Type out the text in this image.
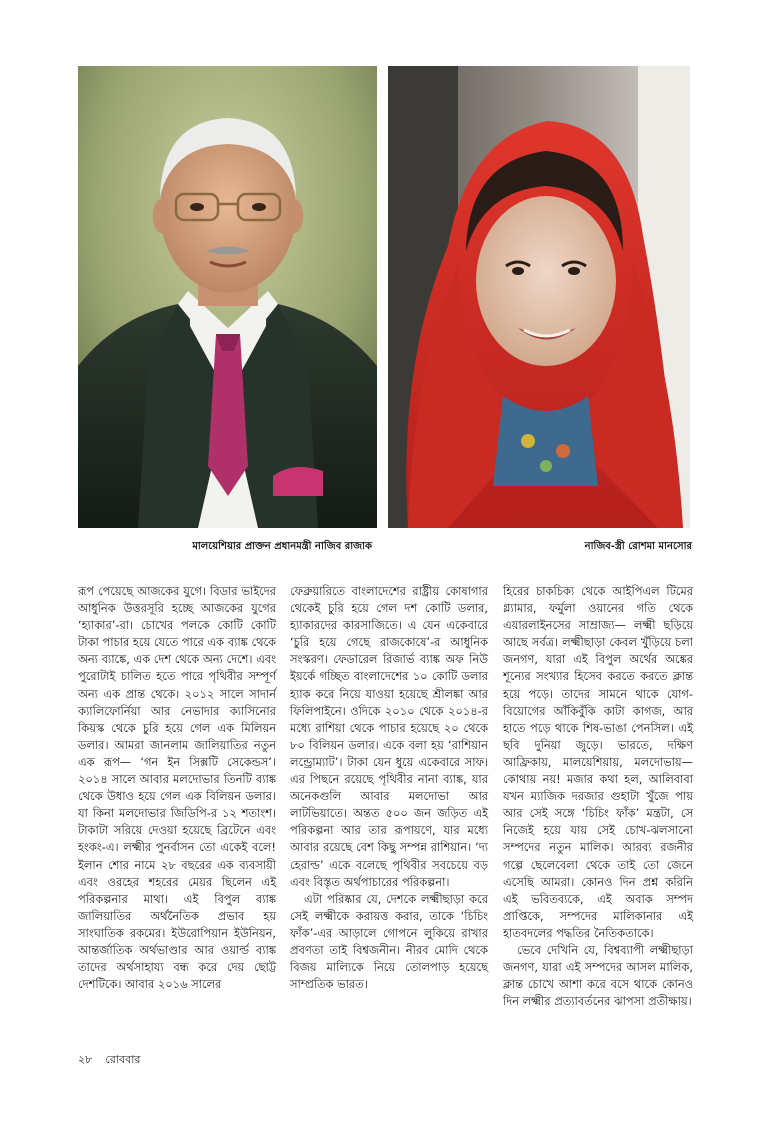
মালয়েশিয়ার প্রাক্তন প্রধানমন্ত্রী নাজিব রাজাক	নাজিব-স্ত্রী রোশমা মানসোর

রূপ পেয়েছে আজকের যুগে। বিডার ভাইদের আধুনিক উত্তরসূরি হচ্ছে আজকের যুগের ‘হ্যাকার’-রা। চোখের পলকে কোটি কোটি টাকা পাচার হয়ে যেতে পারে এক ব্যাঙ্ক থেকে অন্য ব্যাঙ্কে, এক দেশ থেকে অন্য দেশে। এবং পুরোটাই চালিত হতে পারে পৃথিবীর সম্পূর্ণ অন্য এক প্রান্ত থেকে। ২০১২ সালে সাদার্ন ক্যালিফোর্নিয়া আর নেভাদার ক্যাসিনোর কিয়স্ক থেকে চুরি হয়ে গেল এক মিলিয়ন ডলার। আমরা জানলাম জালিয়াতির নতুন এক রূপ— ‘গন ইন সিক্সটি সেকেন্ডস’। ২০১৪ সালে আবার মলদোভার তিনটি ব্যাঙ্ক থেকে উধাও হয়ে গেল এক বিলিয়ন ডলার। যা কিনা মলদোভার জিডিপি-র ১২ শতাংশ। টাকাটা সরিয়ে দেওয়া হয়েছে ব্রিটেনে এবং হংকং-এ। লক্ষ্মীর পুনর্বাসন তো একেই বলে! ইলান শোর নামে ২৮ বছরের এক ব্যবসায়ী এবং ওরহের শহরের মেয়র ছিলেন এই পরিকল্পনার মাথা। এই বিপুল ব্যাঙ্ক জালিয়াতির অর্থনৈতিক প্রভাব হয় সাংঘাতিক রকমের। ইউরোপিয়ান ইউনিয়ন, আন্তর্জাতিক অর্থভাণ্ডার আর ওয়ার্ল্ড ব্যাঙ্ক তাদের অর্থসাহায্য বন্ধ করে দেয় ছোট্ট দেশটিকে। আবার ২০১৬ সালের

ফেব্রুয়ারিতে বাংলাদেশের রাষ্ট্রীয় কোষাগার থেকেই চুরি হয়ে গেল দশ কোটি ডলার, হ্যাকারদের কারসাজিতে। এ যেন একেবারে ‘চুরি হয়ে গেছে রাজকোষে’-র আধুনিক সংস্করণ। ফেডারেল রিজার্ভ ব্যাঙ্ক অফ নিউ ইয়র্কে গচ্ছিত বাংলাদেশের ১০ কোটি ডলার হ্যাক করে নিয়ে যাওয়া হয়েছে শ্রীলঙ্কা আর ফিলিপাইনে। ওদিকে ২০১০ থেকে ২০১৪-র মধ্যে রাশিয়া থেকে পাচার হয়েছে ২০ থেকে ৮০ বিলিয়ন ডলার। একে বলা হয় ‘রাশিয়ান লন্ড্রোম্যাট’। টাকা যেন ধুয়ে একেবারে সাফ। এর পিছনে রয়েছে পৃথিবীর নানা ব্যাঙ্ক, যার অনেকগুলি আবার মলদোভা আর লাটভিয়াতে। অন্তত ৫০০ জন জড়িত এই পরিকল্পনা আর তার রূপায়ণে, যার মধ্যে আবার রয়েছে বেশ কিছু সম্পন্ন রাশিয়ান। ‘দ্য হেরাল্ড’ একে বলেছে পৃথিবীর সবচেয়ে বড় এবং বিস্তৃত অর্থপাচারের পরিকল্পনা।

এটা পরিষ্কার যে, দেশকে লক্ষ্মীছাড়া করে সেই লক্ষ্মীকে করায়ত্ত করার, তাকে ‘চিচিং ফাঁক’-এর আড়ালে গোপনে লুকিয়ে রাখার প্রবণতা তাই বিশ্বজনীন। নীরব মোদি থেকে বিজয় মাল্যিকে নিয়ে তোলপাড় হয়েছে সাম্প্রতিক ভারত।

হিরের চাকচিক্য থেকে আইপিএল টিমের গ্ল্যামার, ফর্মুলা ওয়ানের গতি থেকে এয়ারলাইনসের সাম্রাজ্য— লক্ষ্মী ছড়িয়ে আছে সর্বত্র। লক্ষ্মীছাড়া কেবল খুঁড়িয়ে চলা জনগণ, যারা এই বিপুল অর্থের অঙ্কের শূন্যের সংখ্যার হিসেব করতে করতে ক্লান্ত হয়ে পড়ে। তাদের সামনে থাকে যোগ-বিয়োগের আঁকিবুঁকি কাটা কাগজ, আর হাতে পড়ে থাকে শিষ-ভাঙা পেনসিল। এই ছবি দুনিয়া জুড়ে। ভারতে, দক্ষিণ আফ্রিকায়, মালয়েশিয়ায়, মলদোভায়— কোথায় নয়! মজার কথা হল, আলিবাবা যখন ম্যাজিক দরজার গুহাটা খুঁজে পায় আর সেই সঙ্গে ‘চিচিং ফাঁক’ মন্ত্রটা, সে নিজেই হয়ে যায় সেই চোখ-ঝলসানো সম্পদের নতুন মালিক। আরব্য রজনীর গল্পে ছেলেবেলা থেকে তাই তো জেনে এসেছি আমরা। কোনও দিন প্রশ্ন করিনি এই ভবিতব্যকে, এই অবাক সম্পদ প্রাপ্তিকে, সম্পদের মালিকানার এই হাতবদলের পদ্ধতির নৈতিকতাকে।

ভেবে দেখিনি যে, বিশ্বব্যাপী লক্ষ্মীছাড়া জনগণ, যারা এই সম্পদের আসল মালিক, ক্লান্ত চোখে আশা করে বসে থাকে কোনও দিন লক্ষ্মীর প্রত্যাবর্তনের ঝাপসা প্রতীক্ষায়।

২৮ রোববার
